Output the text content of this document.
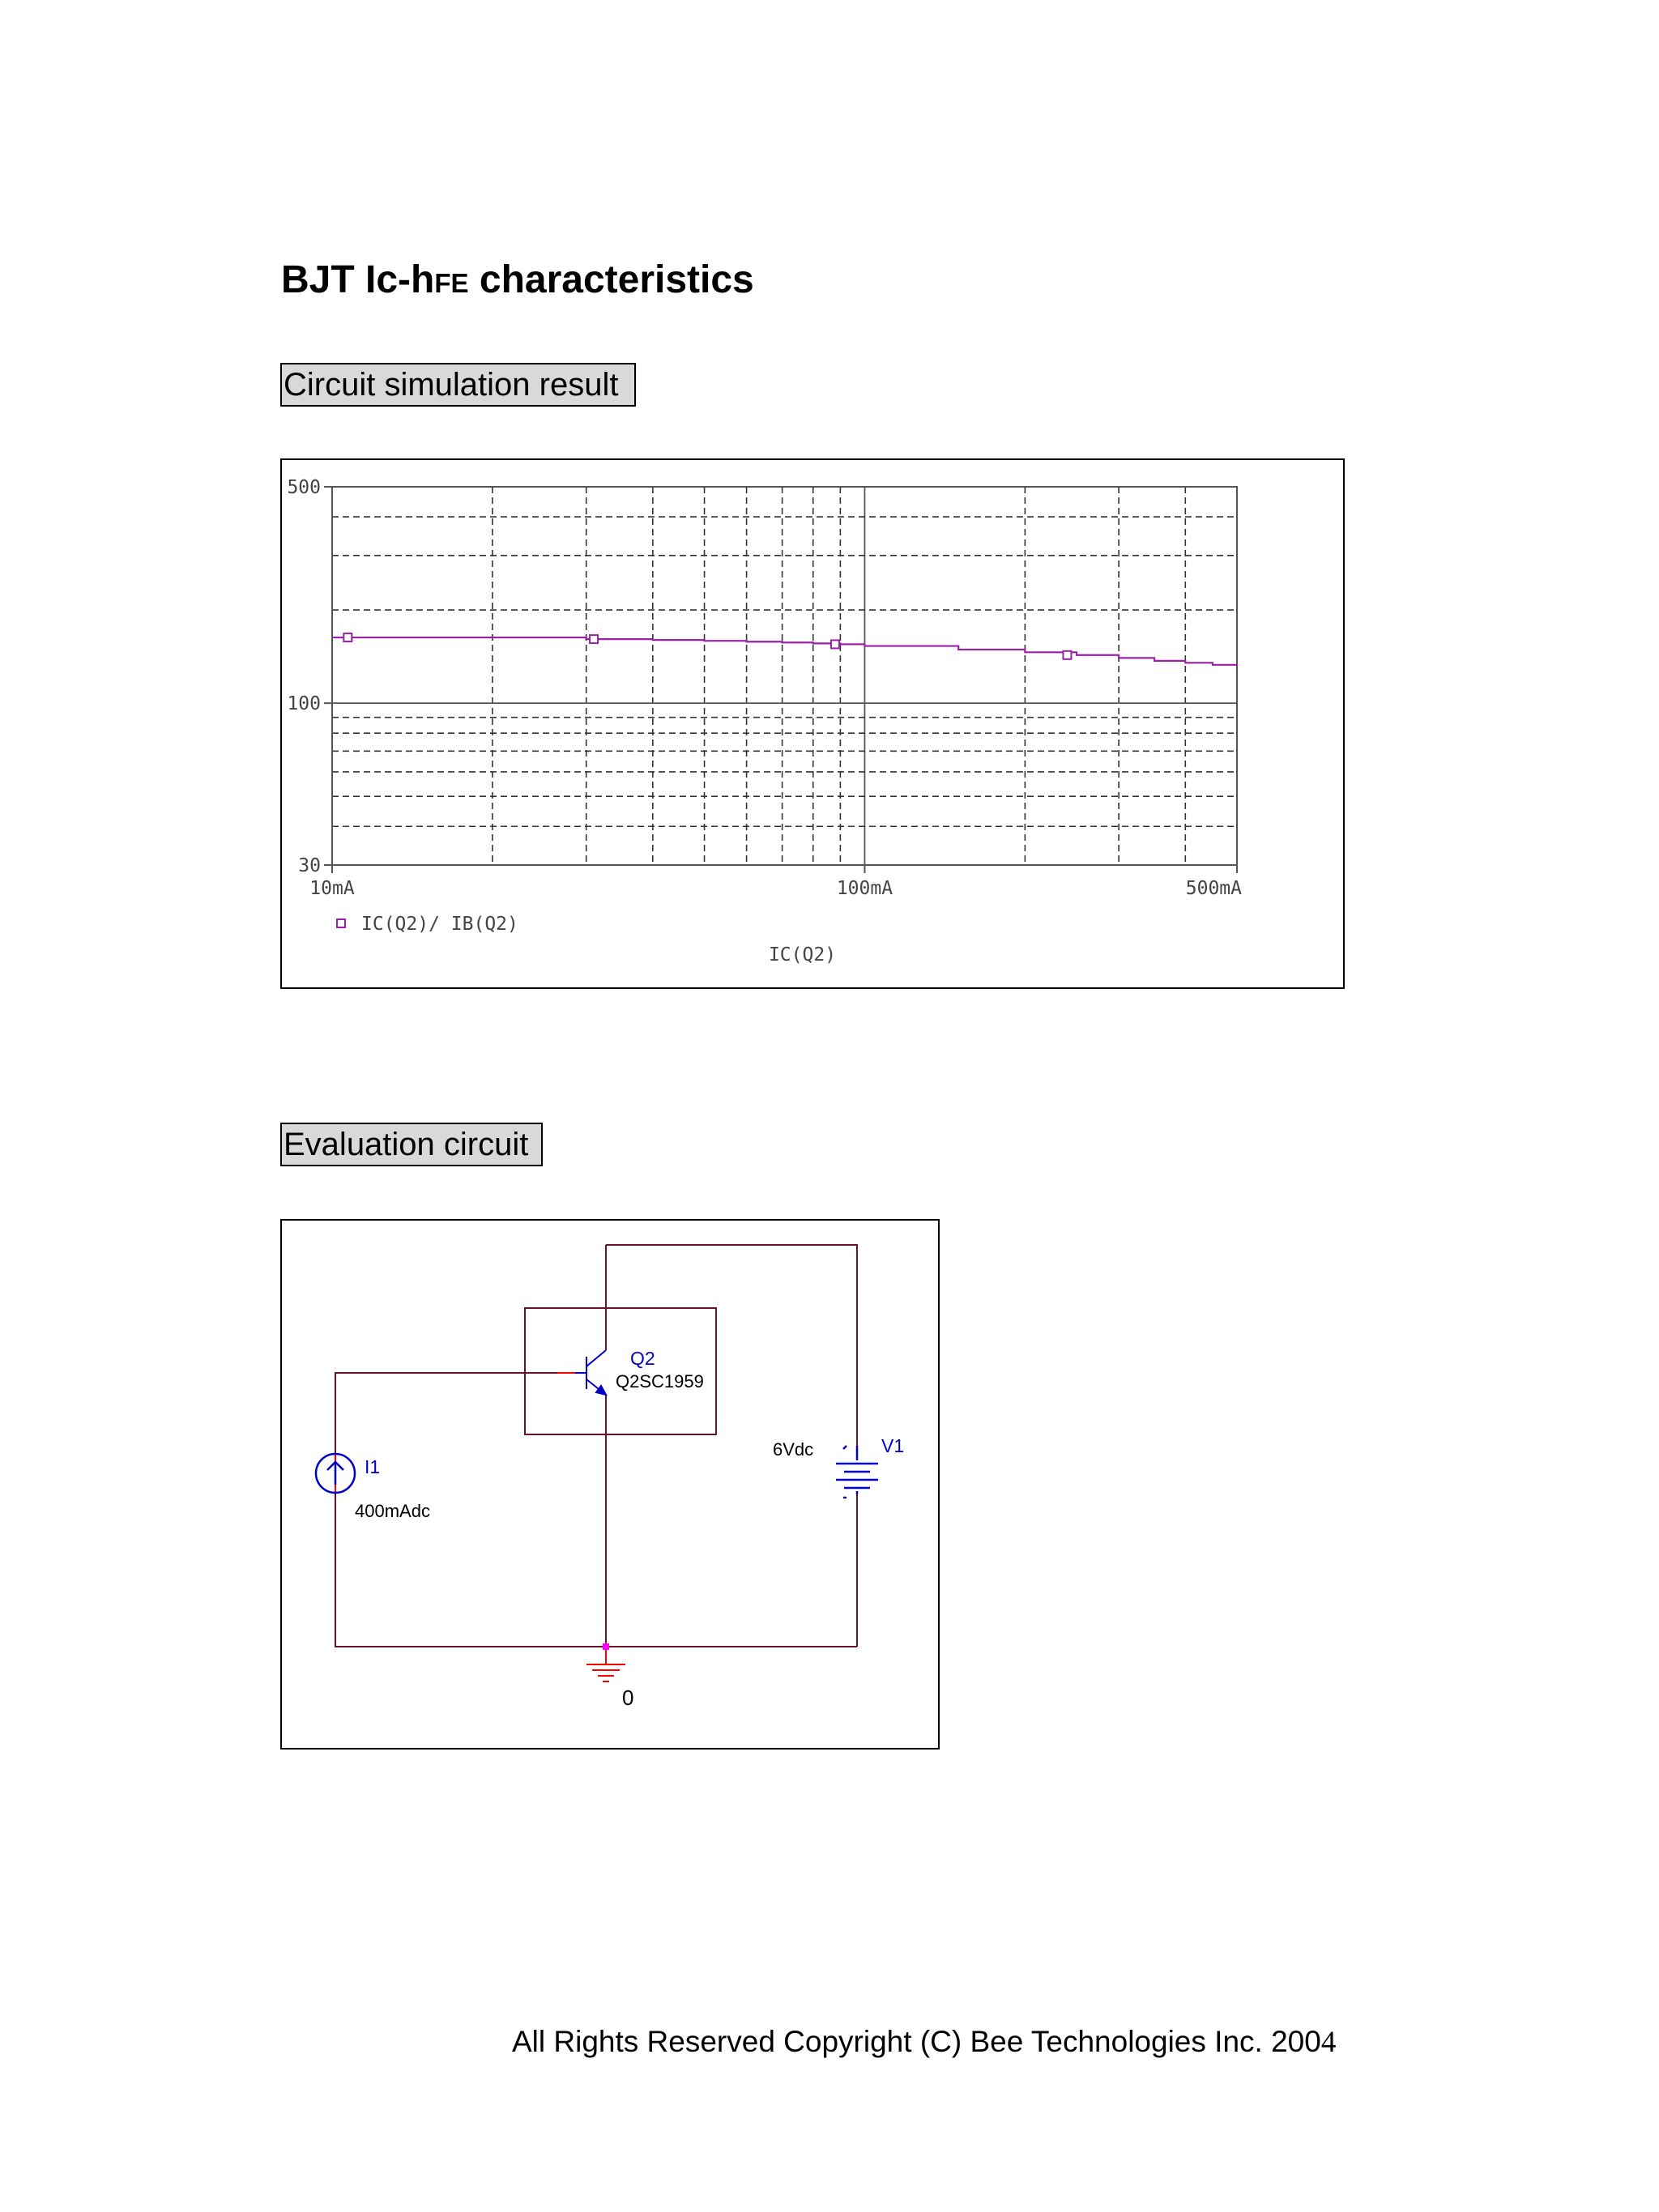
BJT Ic-hFE characteristics
Circuit simulation result
500
100
30
10mA	100mA	500mA
IC(Q2)/ IB(Q2)
IC(Q2)
Evaluation circuit
Q2
Q2SC1959
I1
400mAdc
V1
6Vdc
0
All Rights Reserved Copyright (C) Bee Technologies Inc. 2004
